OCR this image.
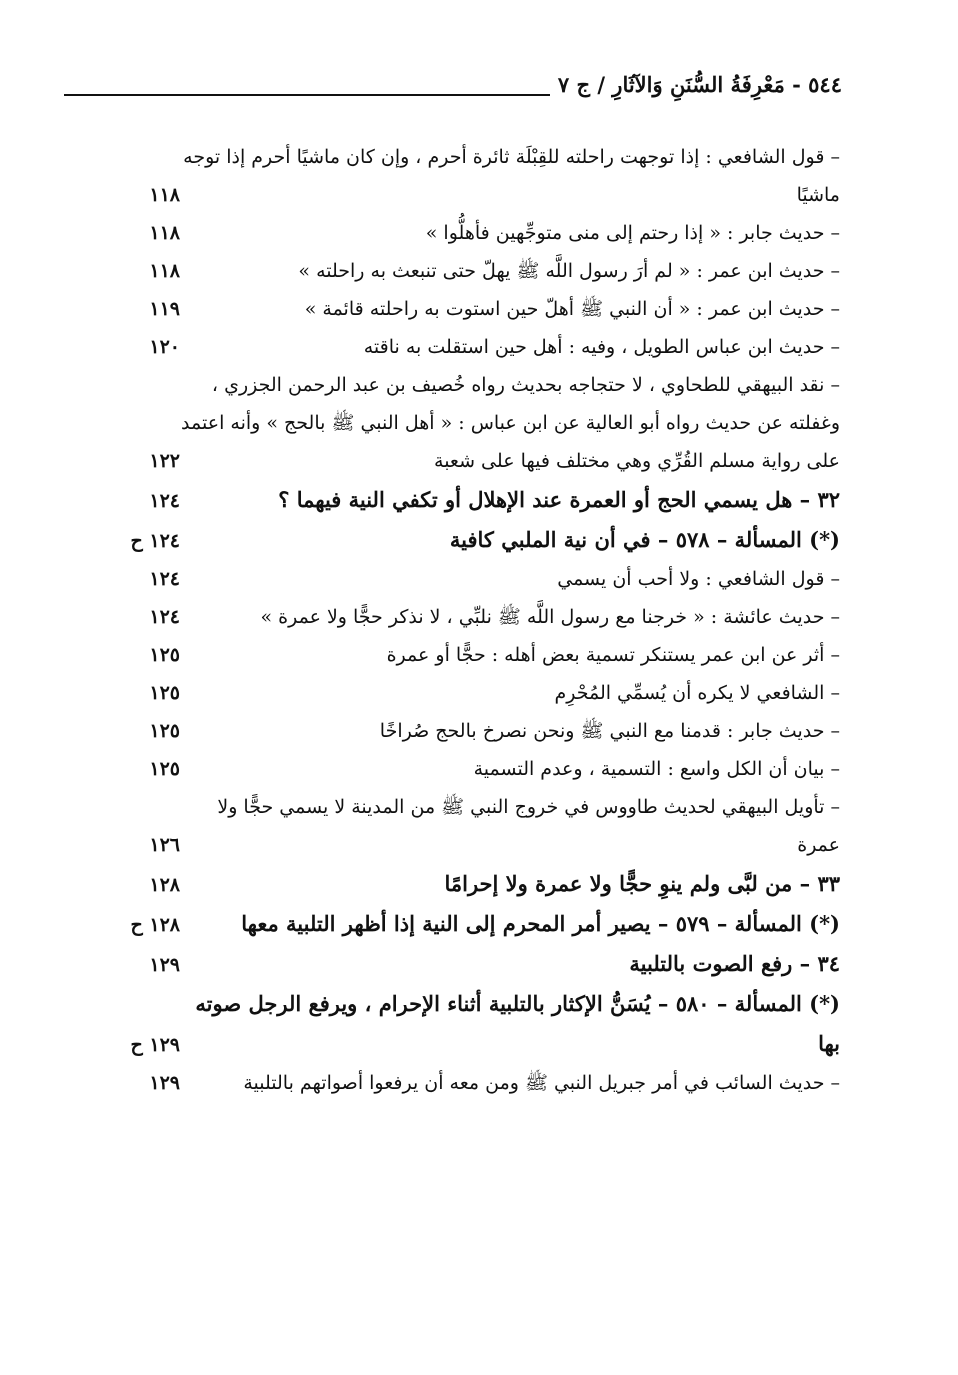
٥٤٤ - مَعْرِفَةُ السُّنَنِ وَالآثَارِ / ج ٧
– قول الشافعي : إذا توجهت راحلته للقِبْلَة ثائرة أحرم ، وإن كان ماشيًا أحرم إذا توجه ماشيًا
١١٨
– حديث جابر : « إذا رحتم إلى منى متوجِّهين فأهلُّوا »
١١٨
– حديث ابن عمر : « لم أرَ رسول اللَّه ﷺ يهلّ حتى تنبعث به راحلته »
١١٨
– حديث ابن عمر : « أن النبي ﷺ أهلّ حين استوت به راحلته قائمة »
١١٩
– حديث ابن عباس الطويل ، وفيه : أهل حين استقلت به ناقته
١٢٠
– نقد البيهقي للطحاوي ، لا حتجاجه بحديث رواه خُصيف بن عبد الرحمن الجزري ، وغفلته عن حديث رواه أبو العالية عن ابن عباس : « أهل النبي ﷺ بالحج » وأنه اعتمد على رواية مسلم القُرِّي وهي مختلف فيها على شعبة
١٢٢
٣٢ – هل يسمي الحج أو العمرة عند الإهلال أو تكفي النية فيهما ؟
١٢٤
(*) المسألة – ٥٧٨ – في أن نية الملبي كافية
١٢٤ ح
– قول الشافعي : ولا أحب أن يسمي
١٢٤
– حديث عائشة : « خرجنا مع رسول اللَّه ﷺ نلبِّي ، لا نذكر حجًّا ولا عمرة »
١٢٤
– أثر عن ابن عمر يستنكر تسمية بعض أهله : حجًّا أو عمرة
١٢٥
– الشافعي لا يكره أن يُسمِّي المُحْرِم
١٢٥
– حديث جابر : قدمنا مع النبي ﷺ ونحن نصرخ بالحج صُراخًا
١٢٥
– بيان أن الكل واسع : التسمية ، وعدم التسمية
١٢٥
– تأويل البيهقي لحديث طاووس في خروج النبي ﷺ من المدينة لا يسمي حجًّا ولا عمرة
١٢٦
٣٣ – من لبَّى ولم ينوِ حجًّا ولا عمرة ولا إحرامًا
١٢٨
(*) المسألة – ٥٧٩ – يصير أمر المحرم إلى النية إذا أظهر التلبية معها
١٢٨ ح
٣٤ – رفع الصوت بالتلبية
١٢٩
(*) المسألة – ٥٨٠ – يُسَنُّ الإكثار بالتلبية أثناء الإحرام ، ويرفع الرجل صوته بها
١٢٩ ح
– حديث السائب في أمر جبريل النبي ﷺ ومن معه أن يرفعوا أصواتهم بالتلبية
١٢٩
